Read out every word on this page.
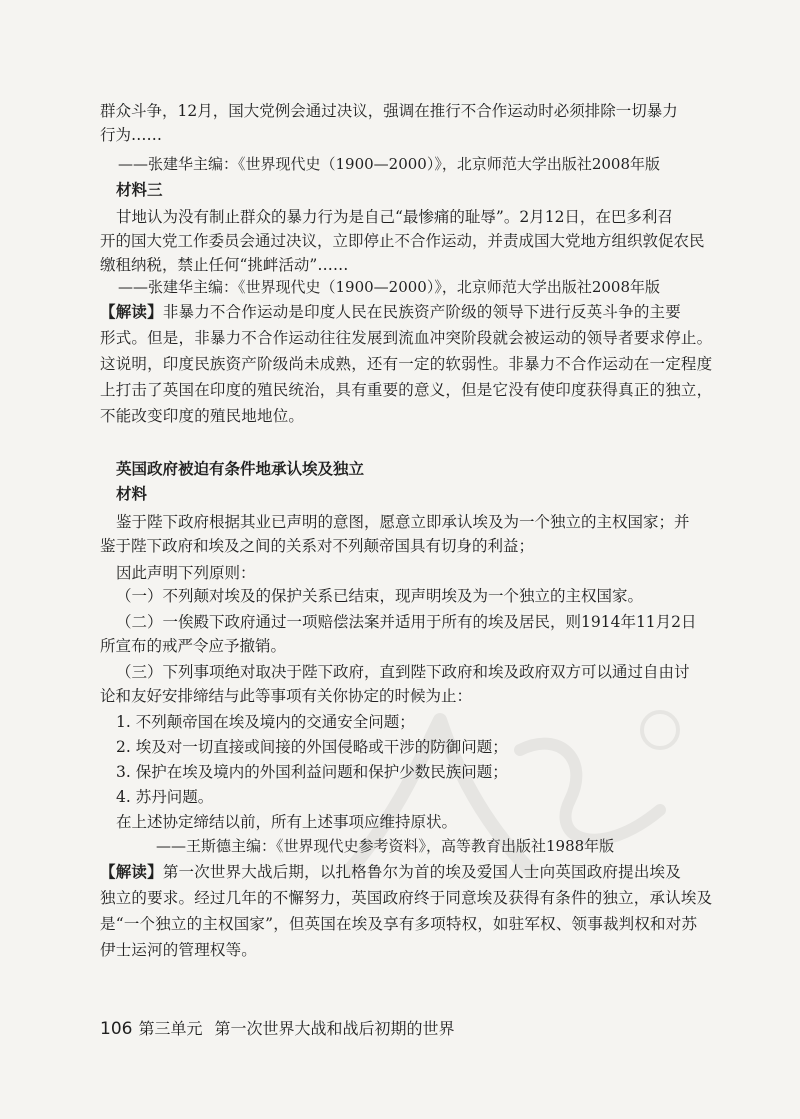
群众斗争，12月，国大党例会通过决议，强调在推行不合作运动时必须排除一切暴力
行为……
——张建华主编：《世界现代史（1900—2000）》，北京师范大学出版社2008年版
材料三
甘地认为没有制止群众的暴力行为是自己“最惨痛的耻辱”。2月12日，在巴多利召
开的国大党工作委员会通过决议，立即停止不合作运动，并责成国大党地方组织敦促农民
缴租纳税，禁止任何“挑衅活动”……
——张建华主编：《世界现代史（1900—2000）》，北京师范大学出版社2008年版
【解读】非暴力不合作运动是印度人民在民族资产阶级的领导下进行反英斗争的主要
形式。但是，非暴力不合作运动往往发展到流血冲突阶段就会被运动的领导者要求停止。
这说明，印度民族资产阶级尚未成熟，还有一定的软弱性。非暴力不合作运动在一定程度
上打击了英国在印度的殖民统治，具有重要的意义，但是它没有使印度获得真正的独立，
不能改变印度的殖民地地位。
英国政府被迫有条件地承认埃及独立
材料
鉴于陛下政府根据其业已声明的意图，愿意立即承认埃及为一个独立的主权国家；并
鉴于陛下政府和埃及之间的关系对不列颠帝国具有切身的利益；
因此声明下列原则：
（一）不列颠对埃及的保护关系已结束，现声明埃及为一个独立的主权国家。
（二）一俟殿下政府通过一项赔偿法案并适用于所有的埃及居民，则1914年11月2日
所宣布的戒严令应予撤销。
（三）下列事项绝对取决于陛下政府，直到陛下政府和埃及政府双方可以通过自由讨
论和友好安排缔结与此等事项有关你协定的时候为止：
1. 不列颠帝国在埃及境内的交通安全问题；
2. 埃及对一切直接或间接的外国侵略或干涉的防御问题；
3. 保护在埃及境内的外国利益问题和保护少数民族问题；
4. 苏丹问题。
在上述协定缔结以前，所有上述事项应维持原状。
——王斯德主编：《世界现代史参考资料》，高等教育出版社1988年版
【解读】第一次世界大战后期，以扎格鲁尔为首的埃及爱国人士向英国政府提出埃及
独立的要求。经过几年的不懈努力，英国政府终于同意埃及获得有条件的独立，承认埃及
是“一个独立的主权国家”，但英国在埃及享有多项特权，如驻军权、领事裁判权和对苏
伊士运河的管理权等。
106 第三单元 第一次世界大战和战后初期的世界
